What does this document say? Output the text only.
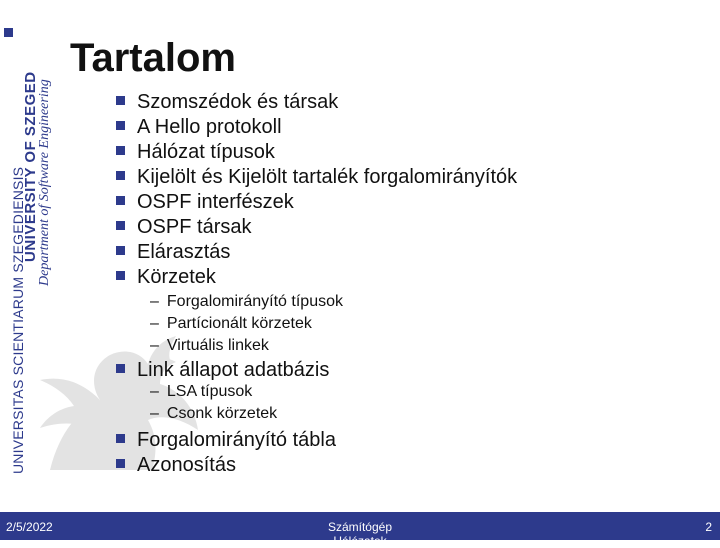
UNIVERSITAS SCIENTIARUM SZEGEDIENSIS
UNIVERSITY OF SZEGED
Department of Software Engineering
Tartalom
Szomszédok és társak
A Hello protokoll
Hálózat típusok
Kijelölt és Kijelölt tartalék forgalomirányítók
OSPF interfészek
OSPF társak
Elárasztás
Körzetek
– Forgalomirányító típusok
– Partícionált körzetek
– Virtuális linkek
Link állapot adatbázis
– LSA típusok
– Csonk körzetek
Forgalomirányító tábla
Azonosítás
2/5/2022	Számítógép Hálózatok
2
